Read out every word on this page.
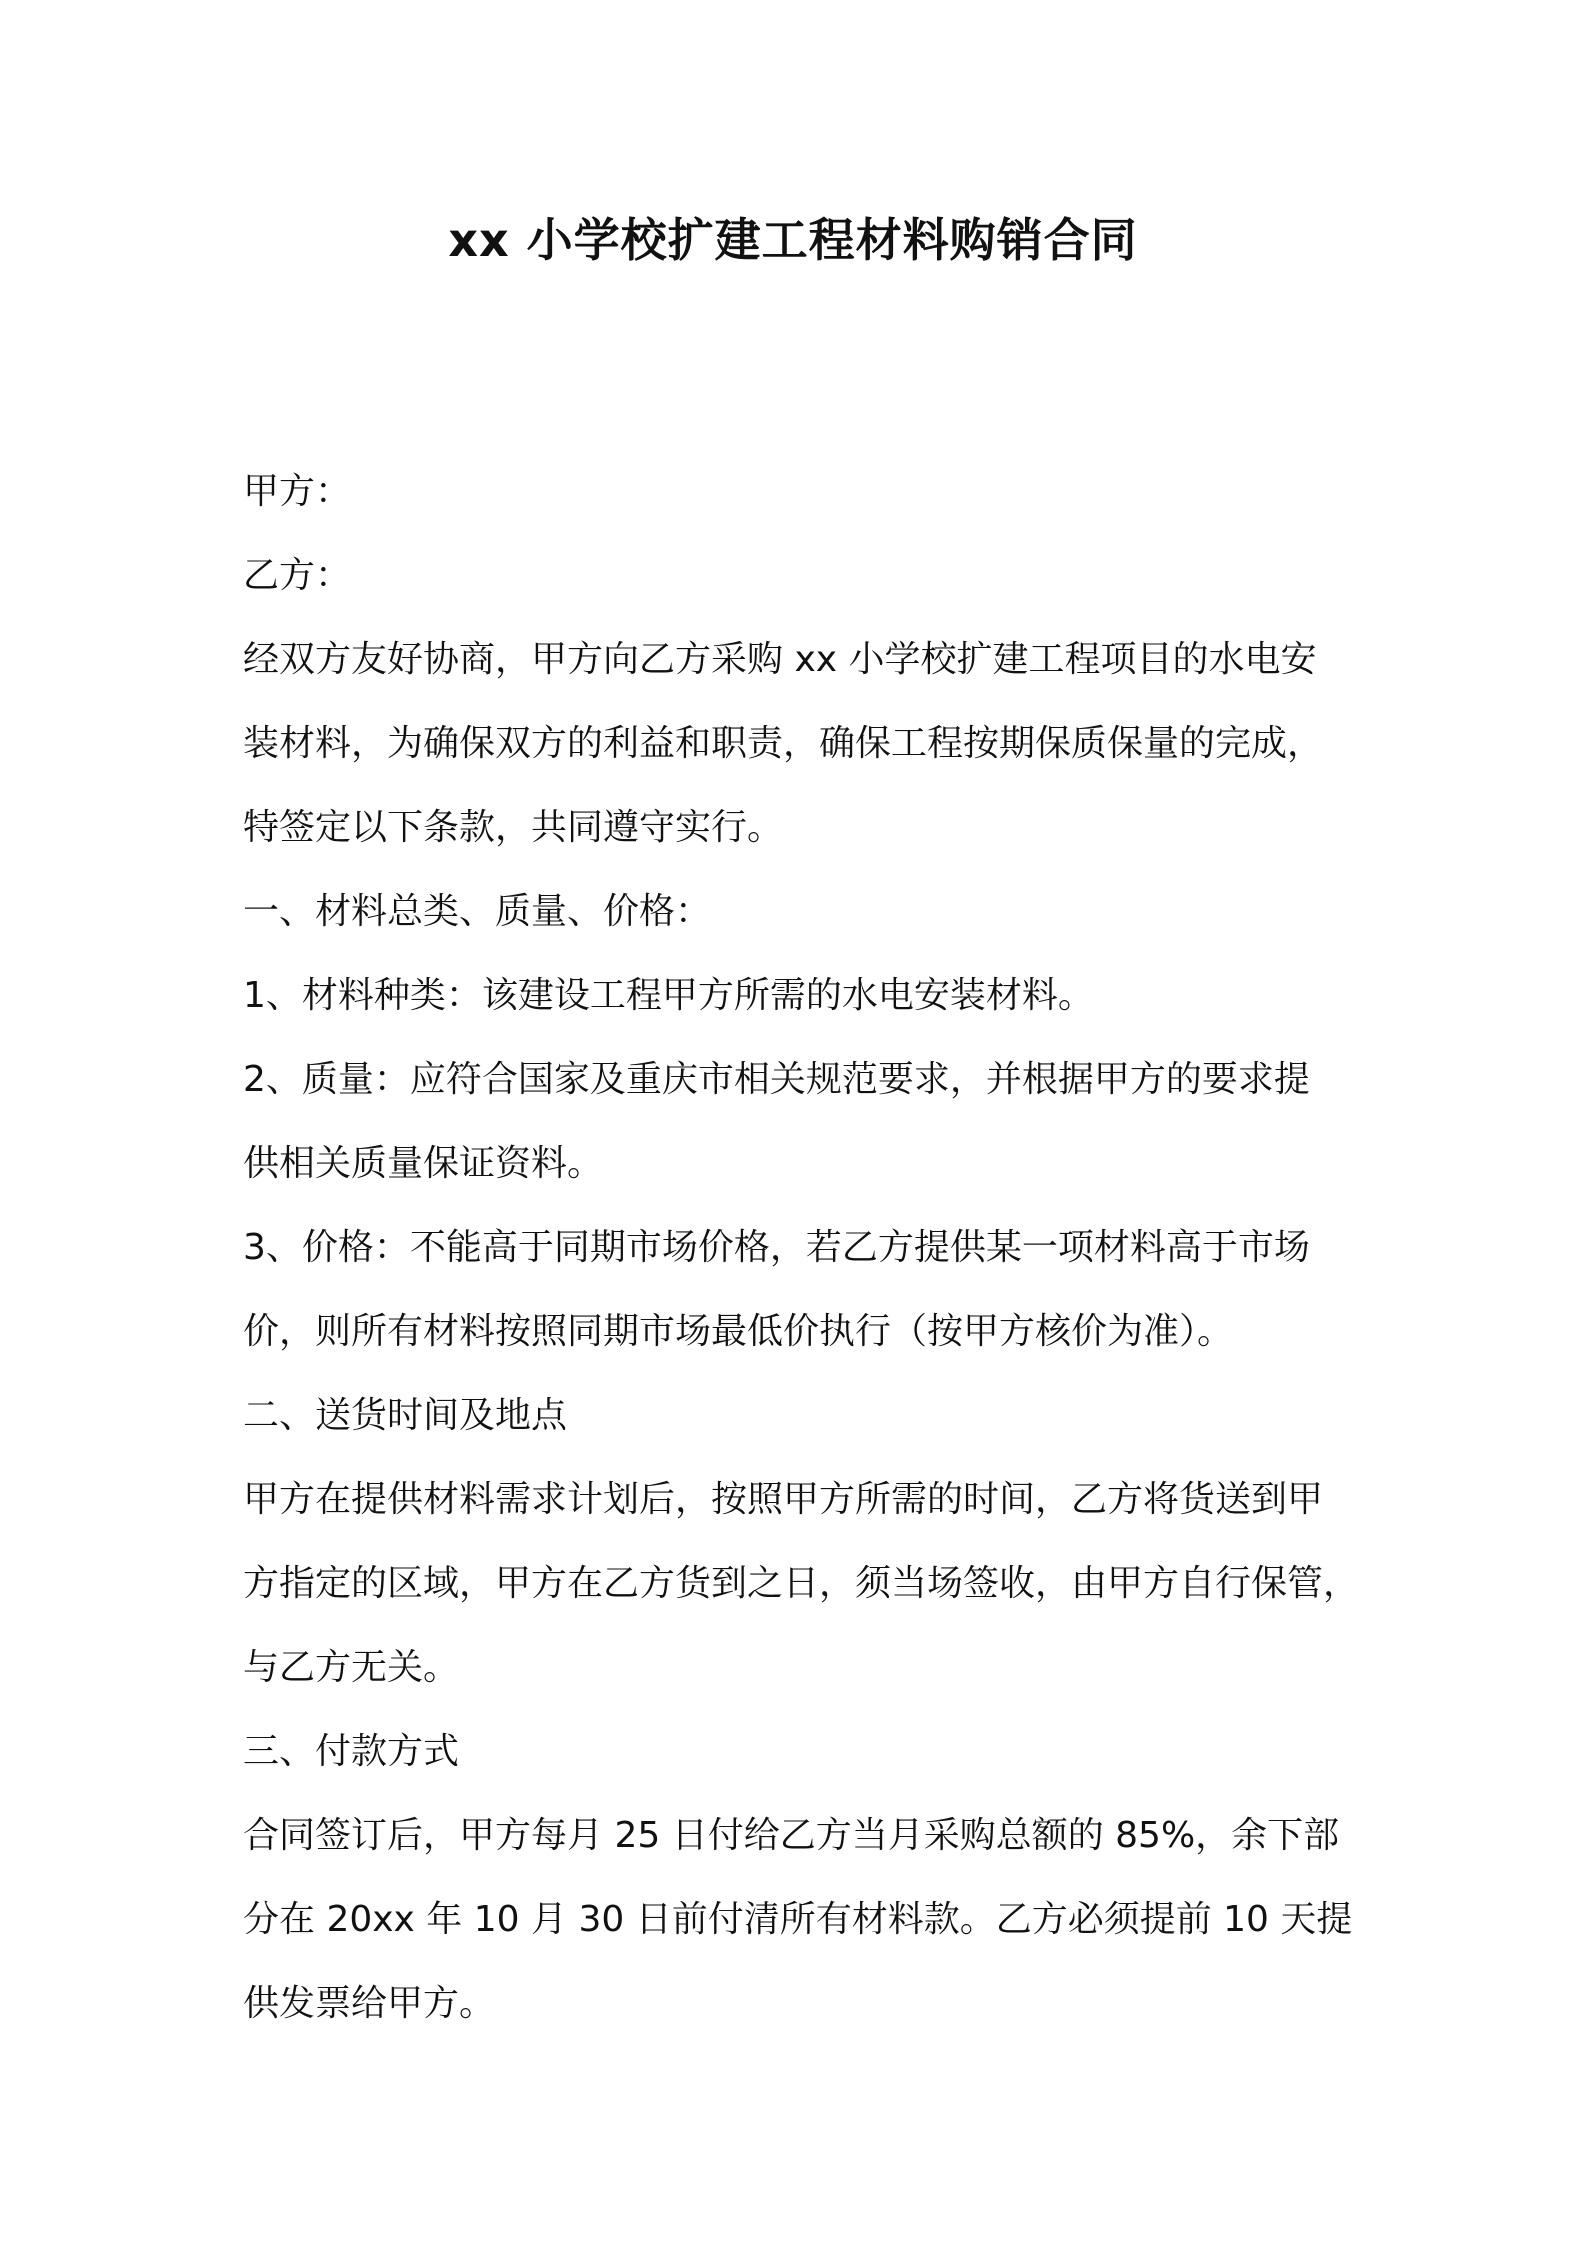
xx 小学校扩建工程材料购销合同

甲方：

乙方：

经双方友好协商，甲方向乙方采购 xx 小学校扩建工程项目的水电安

装材料，为确保双方的利益和职责，确保工程按期保质保量的完成，

特签定以下条款，共同遵守实行。

一、材料总类、质量、价格：

1、材料种类：该建设工程甲方所需的水电安装材料。

2、质量：应符合国家及重庆市相关规范要求，并根据甲方的要求提

供相关质量保证资料。

3、价格：不能高于同期市场价格，若乙方提供某一项材料高于市场

价，则所有材料按照同期市场最低价执行（按甲方核价为准）。

二、送货时间及地点

甲方在提供材料需求计划后，按照甲方所需的时间，乙方将货送到甲

方指定的区域，甲方在乙方货到之日，须当场签收，由甲方自行保管，

与乙方无关。

三、付款方式

合同签订后，甲方每月 25 日付给乙方当月采购总额的 85%，余下部

分在 20xx 年 10 月 30 日前付清所有材料款。乙方必须提前 10 天提

供发票给甲方。
